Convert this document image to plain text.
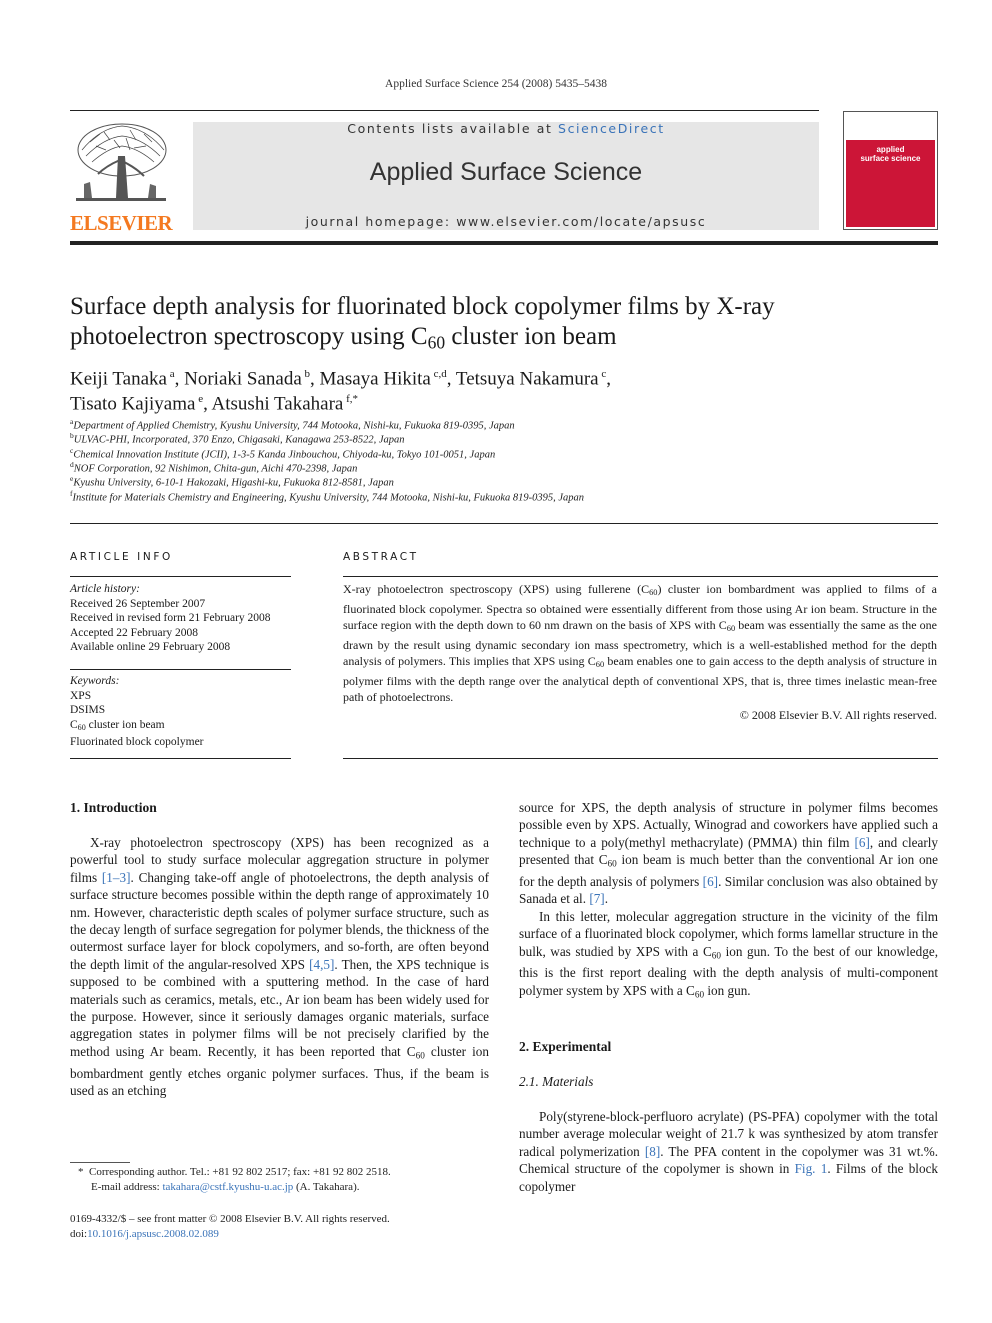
Applied Surface Science 254 (2008) 5435–5438
ELSEVIER
Contents lists available at ScienceDirect
Applied Surface Science
journal homepage: www.elsevier.com/locate/apsusc
applied
surface science
Surface depth analysis for fluorinated block copolymer films by X-ray
photoelectron spectroscopy using $C_{60}$ cluster ion beam
Keiji Tanaka $^a$, Noriaki Sanada $^b$, Masaya Hikita $^{c,d}$, Tetsuya Nakamura $^c$,
Tisato Kajiyama $^e$, Atsushi Takahara $^{f,*}$
$^a$Department of Applied Chemistry, Kyushu University, 744 Motooka, Nishi-ku, Fukuoka 819-0395, Japan
$^b$ULVAC-PHI, Incorporated, 370 Enzo, Chigasaki, Kanagawa 253-8522, Japan
$^c$Chemical Innovation Institute (JCII), 1-3-5 Kanda Jinbouchou, Chiyoda-ku, Tokyo 101-0051, Japan
$^d$NOF Corporation, 92 Nishimon, Chita-gun, Aichi 470-2398, Japan
$^e$Kyushu University, 6-10-1 Hakozaki, Higashi-ku, Fukuoka 812-8581, Japan
$^f$Institute for Materials Chemistry and Engineering, Kyushu University, 744 Motooka, Nishi-ku, Fukuoka 819-0395, Japan
ARTICLE INFO
Article history:
Received 26 September 2007
Received in revised form 21 February 2008
Accepted 22 February 2008
Available online 29 February 2008
Keywords:
XPS
DSIMS
$C_{60}$ cluster ion beam
Fluorinated block copolymer
ABSTRACT
X-ray photoelectron spectroscopy (XPS) using fullerene $(C_{60})$ cluster ion bombardment was applied to films of a fluorinated block copolymer. Spectra so obtained were essentially different from those using Ar ion beam. Structure in the surface region with the depth down to 60 nm drawn on the basis of XPS with $C_{60}$ beam was essentially the same as the one drawn by the result using dynamic secondary ion mass spectrometry, which is a well-established method for the depth analysis of polymers. This implies that XPS using $C_{60}$ beam enables one to gain access to the depth analysis of structure in polymer films with the depth range over the analytical depth of conventional XPS, that is, three times inelastic mean-free path of photoelectrons.
© 2008 Elsevier B.V. All rights reserved.
1. Introduction

X-ray photoelectron spectroscopy (XPS) has been recognized as a powerful tool to study surface molecular aggregation structure in polymer films [1–3]. Changing take-off angle of photoelectrons, the depth analysis of surface structure becomes possible within the depth range of approximately 10 nm. However, characteristic depth scales of polymer surface structure, such as the decay length of surface segregation for polymer blends, the thickness of the outermost surface layer for block copolymers, and so-forth, are often beyond the depth limit of the angular-resolved XPS [4,5]. Then, the XPS technique is supposed to be combined with a sputtering method. In the case of hard materials such as ceramics, metals, etc., Ar ion beam has been widely used for the purpose. However, since it seriously damages organic materials, surface aggregation states in polymer films will be not precisely clarified by the method using Ar beam. Recently, it has been reported that $C_{60}$ cluster ion bombardment gently etches organic polymer surfaces. Thus, if the beam is used as an etching

* Corresponding author. Tel.: +81 92 802 2517; fax: +81 92 802 2518.
E-mail address: takahara@cstf.kyushu-u.ac.jp (A. Takahara).
0169-4332/$ – see front matter © 2008 Elsevier B.V. All rights reserved.
doi:10.1016/j.apsusc.2008.02.089

source for XPS, the depth analysis of structure in polymer films becomes possible even by XPS. Actually, Winograd and coworkers have applied such a technique to a poly(methyl methacrylate) (PMMA) thin film [6], and clearly presented that $C_{60}$ ion beam is much better than the conventional Ar ion one for the depth analysis of polymers [6]. Similar conclusion was also obtained by Sanada et al. [7].

In this letter, molecular aggregation structure in the vicinity of the film surface of a fluorinated block copolymer, which forms lamellar structure in the bulk, was studied by XPS with a $C_{60}$ ion gun. To the best of our knowledge, this is the first report dealing with the depth analysis of multi-component polymer system by XPS with a $C_{60}$ ion gun.

2. Experimental
2.1. Materials

Poly(styrene-block-perfluoro acrylate) (PS-PFA) copolymer with the total number average molecular weight of 21.7 k was synthesized by atom transfer radical polymerization [8]. The PFA content in the copolymer was 31 wt.%. Chemical structure of the copolymer is shown in Fig. 1. Films of the block copolymer
